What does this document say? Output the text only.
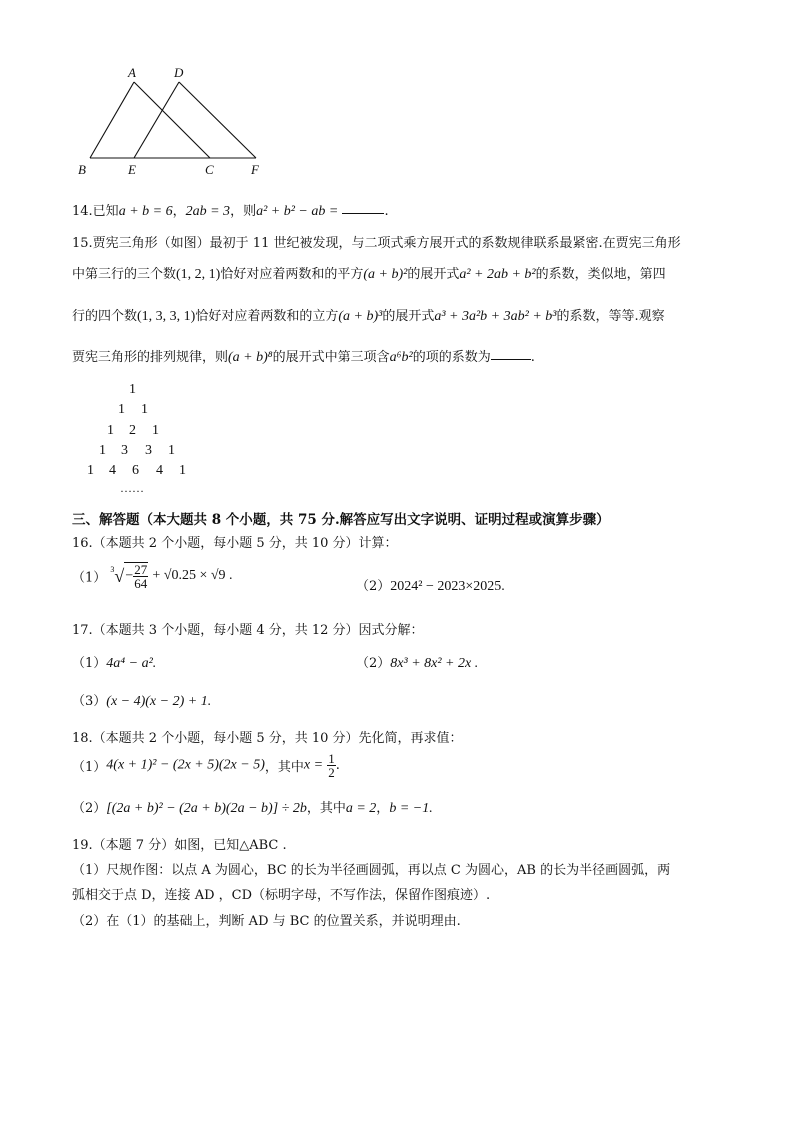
A	D
B	E	C	F
14.已知a + b = 6，2ab = 3，则a² + b² − ab =	.
15.贾宪三角形（如图）最初于 11 世纪被发现，与二项式乘方展开式的系数规律联系最紧密.在贾宪三角形
中第三行的三个数(1, 2, 1)恰好对应着两数和的平方(a + b)²的展开式a² + 2ab + b²的系数，类似地，第四
行的四个数(1, 3, 3, 1)恰好对应着两数和的立方(a + b)³的展开式a³ + 3a²b + 3ab² + b³的系数，等等.观察
贾宪三角形的排列规律，则(a + b)⁸的展开式中第三项含a⁶b²的项的系数为	.
1
1 1
1 2 1
1 3 3 1
1 4 6 4 1
……
三、解答题（本大题共 8 个小题，共 75 分.解答应写出文字说明、证明过程或演算步骤）
16.（本题共 2 个小题，每小题 5 分，共 10 分）计算：
（1） $^3√- \frac{27}{64} + √0.25 \times √9$ .
（2）2024² − 2023×2025.
17.（本题共 3 个小题，每小题 4 分，共 12 分）因式分解：
（1）4a⁴ − a².	（2）8x³ + 8x² + 2x .
（3）(x − 4)(x − 2) + 1.
18.（本题共 2 个小题，每小题 5 分，共 10 分）先化简，再求值：
（1）4(x + 1)² − (2x + 5)(2x − 5)，其中$x = \frac{1}{2}$ .
（2）[(2a + b)² − (2a + b)(2a − b)] ÷ 2b，其中a = 2，b = −1.
19.（本题 7 分）如图，已知△ABC .
（1）尺规作图：以点 A 为圆心，BC 的长为半径画圆弧，再以点 C 为圆心，AB 的长为半径画圆弧，两
弧相交于点 D，连接 AD ，CD（标明字母，不写作法，保留作图痕迹）.
（2）在（1）的基础上，判断 AD 与 BC 的位置关系，并说明理由.
